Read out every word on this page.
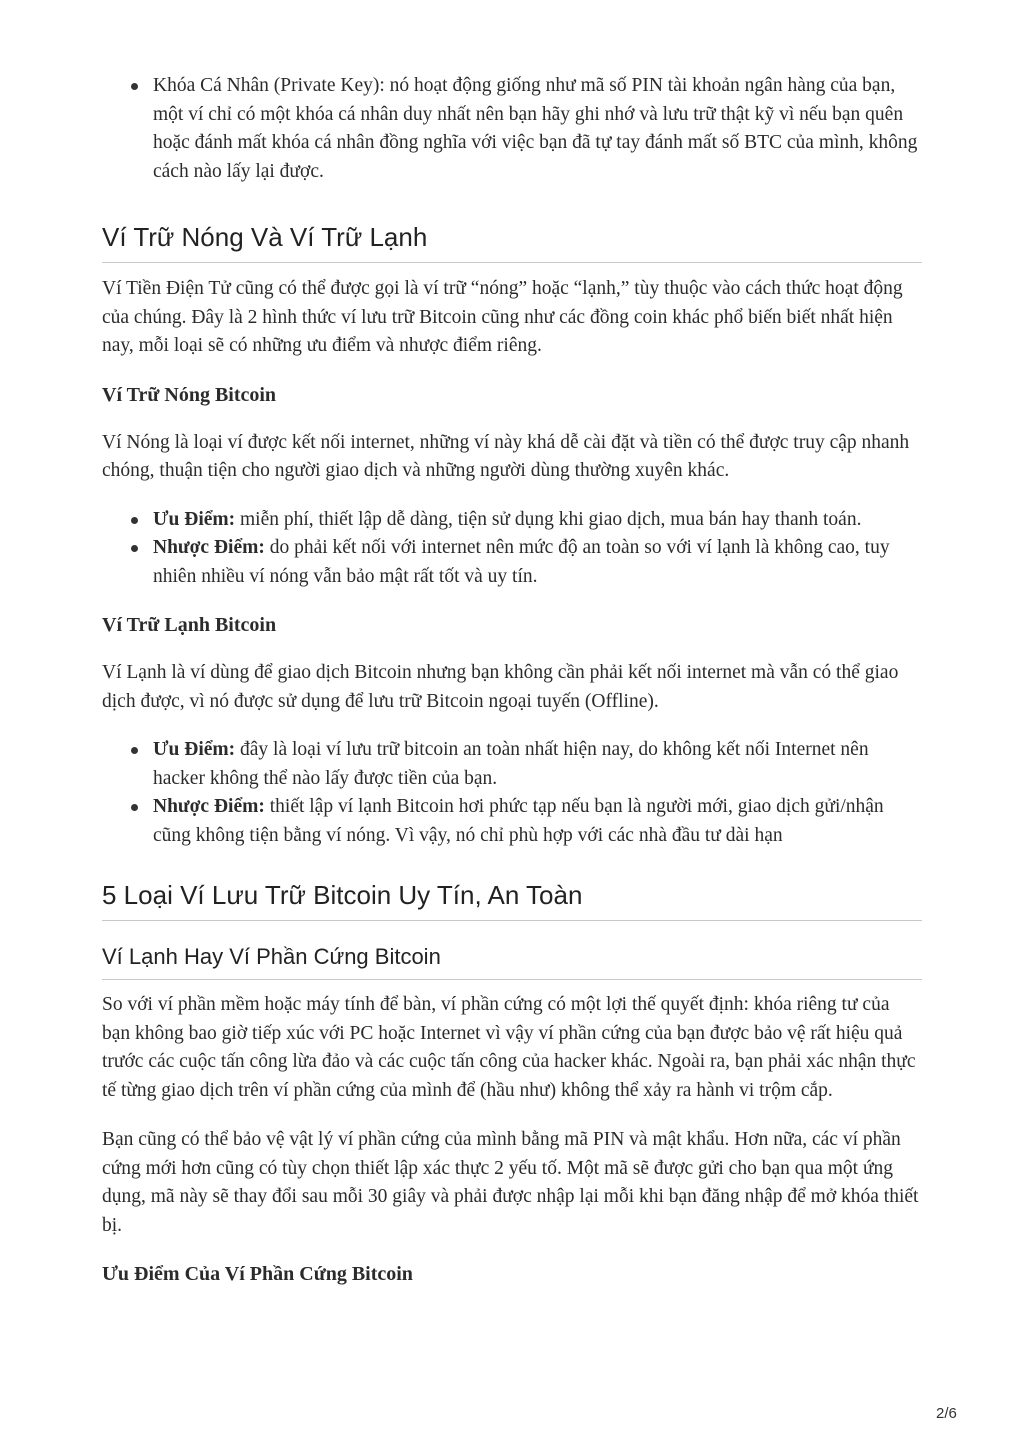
Khóa Cá Nhân (Private Key): nó hoạt động giống như mã số PIN tài khoản ngân hàng của bạn, một ví chỉ có một khóa cá nhân duy nhất nên bạn hãy ghi nhớ và lưu trữ thật kỹ vì nếu bạn quên hoặc đánh mất khóa cá nhân đồng nghĩa với việc bạn đã tự tay đánh mất số BTC của mình, không cách nào lấy lại được.
Ví Trữ Nóng Và Ví Trữ Lạnh

Ví Tiền Điện Tử cũng có thể được gọi là ví trữ “nóng” hoặc “lạnh,” tùy thuộc vào cách thức hoạt động của chúng. Đây là 2 hình thức ví lưu trữ Bitcoin cũng như các đồng coin khác phổ biến biết nhất hiện nay, mỗi loại sẽ có những ưu điểm và nhược điểm riêng.

Ví Trữ Nóng Bitcoin

Ví Nóng là loại ví được kết nối internet, những ví này khá dễ cài đặt và tiền có thể được truy cập nhanh chóng, thuận tiện cho người giao dịch và những người dùng thường xuyên khác.

Ưu Điểm: miễn phí, thiết lập dễ dàng, tiện sử dụng khi giao dịch, mua bán hay thanh toán.
Nhược Điểm: do phải kết nối với internet nên mức độ an toàn so với ví lạnh là không cao, tuy nhiên nhiều ví nóng vẫn bảo mật rất tốt và uy tín.
Ví Trữ Lạnh Bitcoin

Ví Lạnh là ví dùng để giao dịch Bitcoin nhưng bạn không cần phải kết nối internet mà vẫn có thể giao dịch được, vì nó được sử dụng để lưu trữ Bitcoin ngoại tuyến (Offline).

Ưu Điểm: đây là loại ví lưu trữ bitcoin an toàn nhất hiện nay, do không kết nối Internet nên hacker không thể nào lấy được tiền của bạn.
Nhược Điểm: thiết lập ví lạnh Bitcoin hơi phức tạp nếu bạn là người mới, giao dịch gửi/nhận cũng không tiện bằng ví nóng. Vì vậy, nó chỉ phù hợp với các nhà đầu tư dài hạn
5 Loại Ví Lưu Trữ Bitcoin Uy Tín, An Toàn
Ví Lạnh Hay Ví Phần Cứng Bitcoin

So với ví phần mềm hoặc máy tính để bàn, ví phần cứng có một lợi thế quyết định: khóa riêng tư của bạn không bao giờ tiếp xúc với PC hoặc Internet vì vậy ví phần cứng của bạn được bảo vệ rất hiệu quả trước các cuộc tấn công lừa đảo và các cuộc tấn công của hacker khác. Ngoài ra, bạn phải xác nhận thực tế từng giao dịch trên ví phần cứng của mình để (hầu như) không thể xảy ra hành vi trộm cắp.

Bạn cũng có thể bảo vệ vật lý ví phần cứng của mình bằng mã PIN và mật khẩu. Hơn nữa, các ví phần cứng mới hơn cũng có tùy chọn thiết lập xác thực 2 yếu tố. Một mã sẽ được gửi cho bạn qua một ứng dụng, mã này sẽ thay đổi sau mỗi 30 giây và phải được nhập lại mỗi khi bạn đăng nhập để mở khóa thiết bị.

Ưu Điểm Của Ví Phần Cứng Bitcoin
2/6
